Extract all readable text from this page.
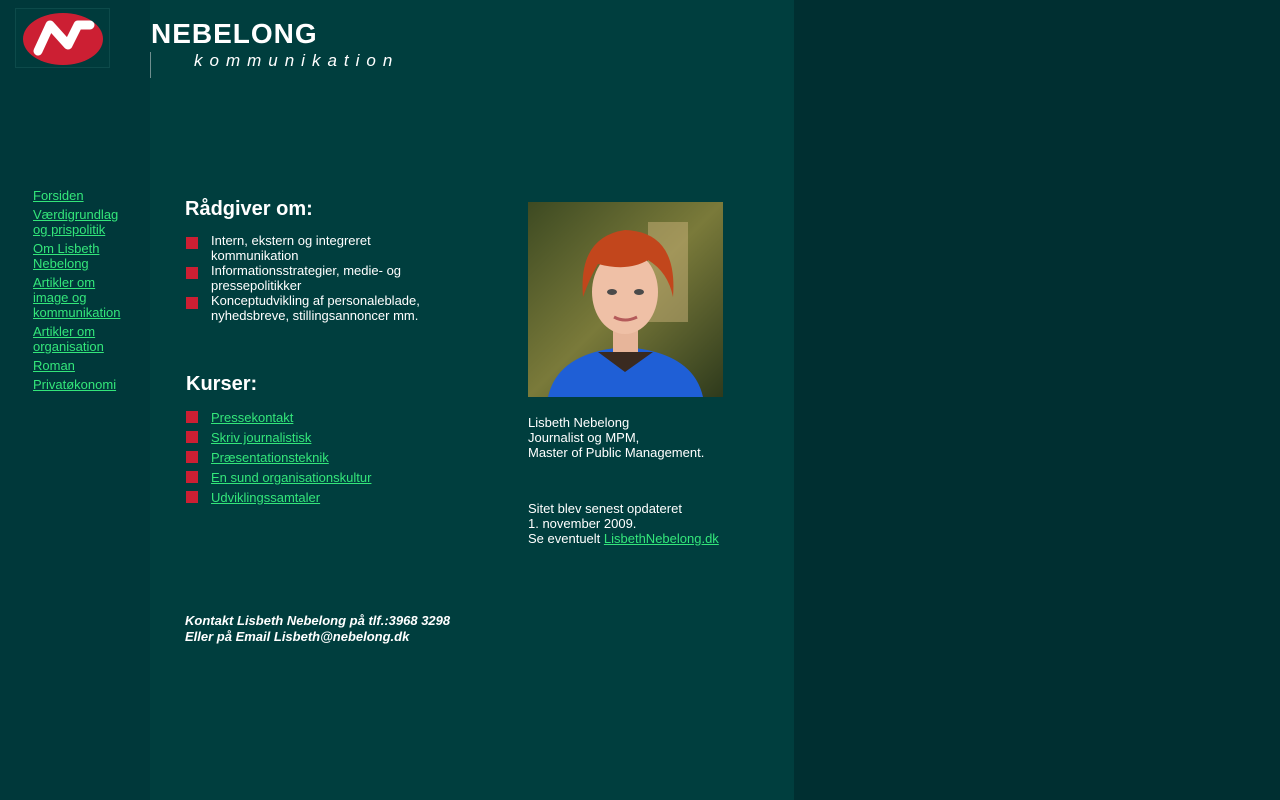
NEBELONG
kommunikation
Forsiden
Værdigrundlag og prispolitik
Om Lisbeth Nebelong
Artikler om image og kommunikation
Artikler om organisation
Roman
Privatøkonomi
Rådgiver om:
Intern, ekstern og integreret kommunikation
Informationsstrategier, medie- og pressepolitikker
Konceptudvikling af personaleblade, nyhedsbreve, stillingsannoncer mm.
Kurser:
Pressekontakt
Skriv journalistisk
Præsentationsteknik
En sund organisationskultur
Udviklingssamtaler
Lisbeth Nebelong
Journalist og MPM,
Master of Public Management.
Sitet blev senest opdateret
1. november 2009.
Se eventuelt LisbethNebelong.dk
Kontakt Lisbeth Nebelong på tlf.:3968 3298
Eller på Email Lisbeth@nebelong.dk
